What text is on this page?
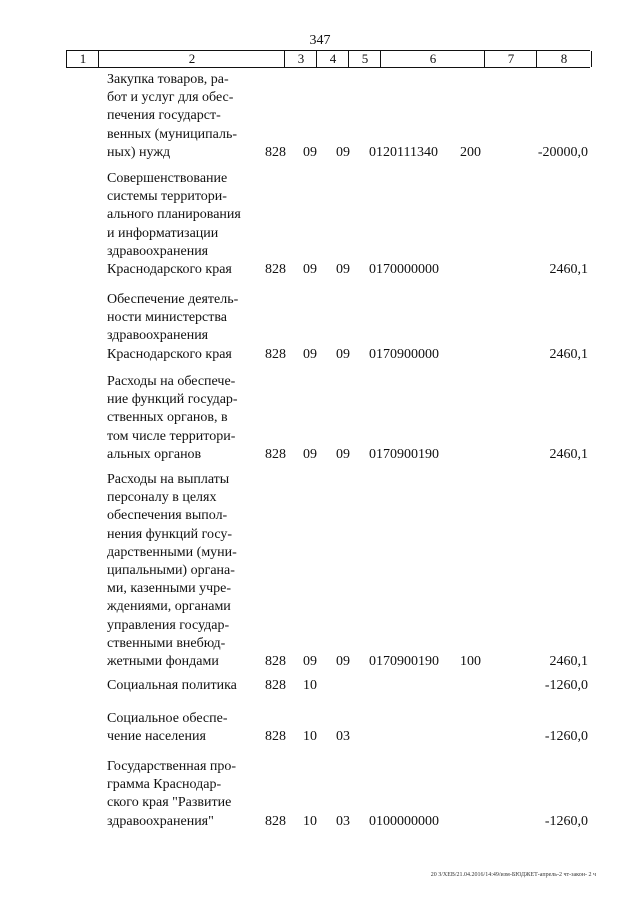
347
1	2	3	4	5	6	7	8
Закупка товаров, ра-
бот и услуг для обес-
печения государст-
венных (муниципаль-
ных) нужд	828 09 09 0120111340 200	-20000,0
Совершенствование
системы территори-
ального планирования
и информатизации
здравоохранения
Краснодарского края	828 09 09 0170000000	2460,1
Обеспечение деятель-
ности министерства
здравоохранения
Краснодарского края	828 09 09 0170900000	2460,1
Расходы на обеспече-
ние функций государ-
ственных органов, в
том числе территори-
альных органов	828 09 09 0170900190	2460,1
Расходы на выплаты
персоналу в целях
обеспечения выпол-
нения функций госу-
дарственными (муни-
ципальными) органа-
ми, казенными учре-
ждениями, органами
управления государ-
ственными внебюд-
жетными фондами	828 09 09 0170900190 100	2460,1
Социальная политика	828 10	-1260,0
Социальное обеспе-
чение населения	828 10 03	-1260,0
Государственная про-
грамма Краснодар-
ского края "Развитие
здравоохранения"	828 10 03 0100000000	-1260,0
20 З/ХЕВ/21.04.2016/14:49/изм-БЮДЖЕТ-апрель-2 чт-закон- 2 ч
